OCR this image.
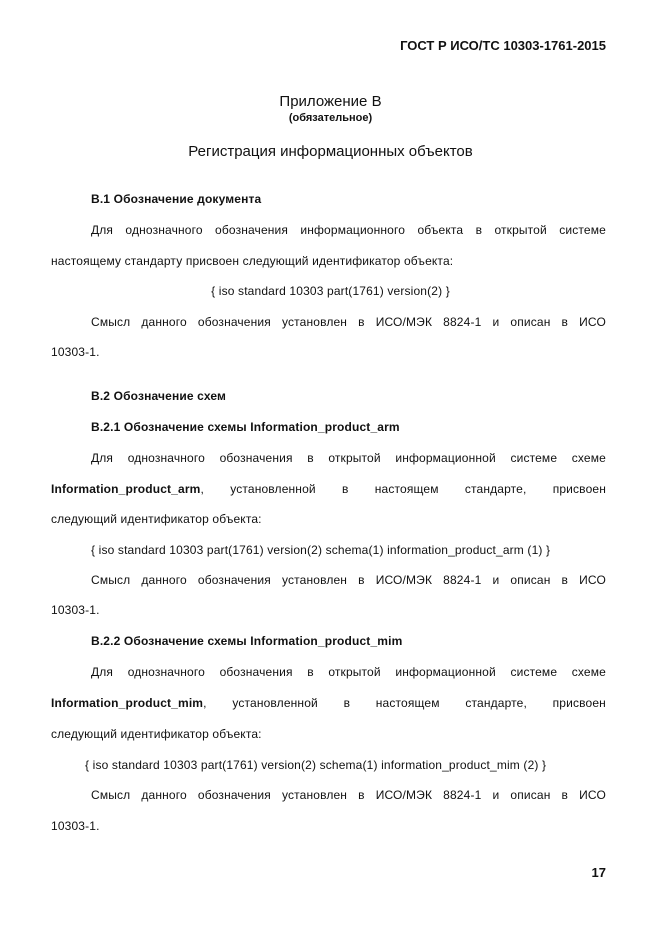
ГОСТ Р ИСО/ТС 10303-1761-2015
Приложение В
(обязательное)
Регистрация информационных объектов
В.1 Обозначение документа
Для однозначного обозначения информационного объекта в открытой системе
настоящему стандарту присвоен следующий идентификатор объекта:
{ iso standard 10303 part(1761) version(2) }
Смысл данного обозначения установлен в ИСО/МЭК 8824-1 и описан в ИСО
10303-1.
В.2 Обозначение схем
В.2.1 Обозначение схемы Information_product_arm
Для однозначного обозначения в открытой информационной системе схеме
Information_product_arm, установленной в настоящем стандарте, присвоен
следующий идентификатор объекта:
{ iso standard 10303 part(1761) version(2) schema(1) information_product_arm (1) }
Смысл данного обозначения установлен в ИСО/МЭК 8824-1 и описан в ИСО
10303-1.
В.2.2 Обозначение схемы Information_product_mim
Для однозначного обозначения в открытой информационной системе схеме
Information_product_mim, установленной в настоящем стандарте, присвоен
следующий идентификатор объекта:
{ iso standard 10303 part(1761) version(2) schema(1) information_product_mim (2) }
Смысл данного обозначения установлен в ИСО/МЭК 8824-1 и описан в ИСО
10303-1.
17
